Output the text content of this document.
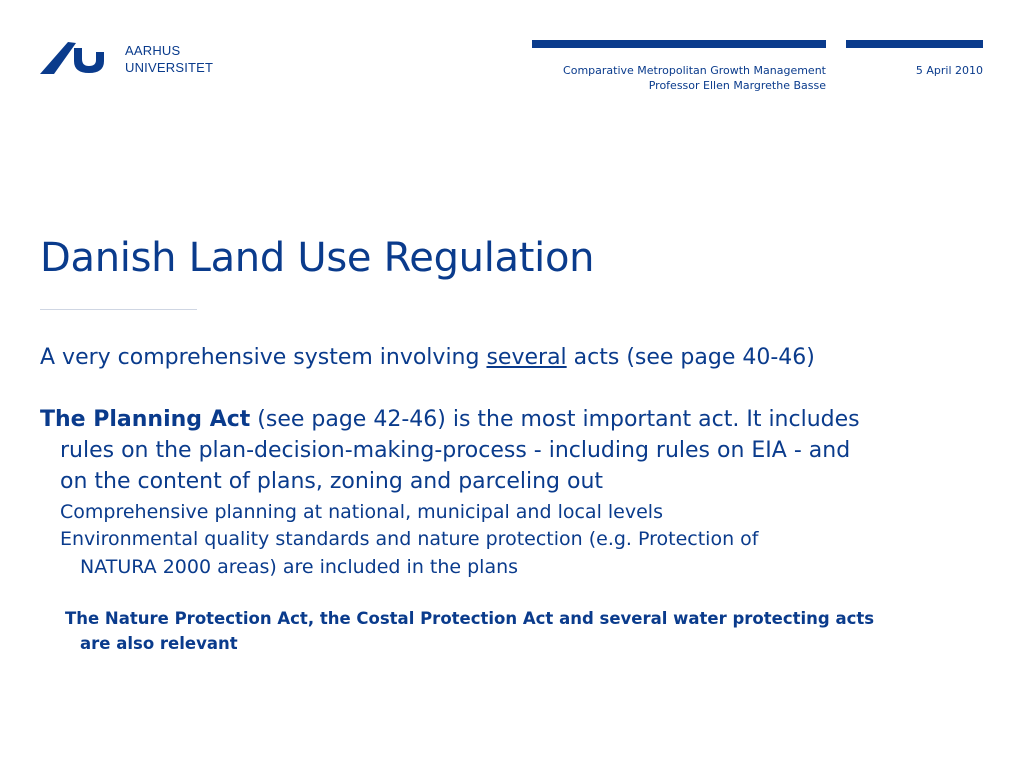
AARHUS
UNIVERSITET	Comparative Metropolitan Growth Management
Professor Ellen Margrethe Basse
5 April 2010
Danish Land Use Regulation
A very comprehensive system involving several acts (see page 40-46)
The Planning Act (see page 42-46) is the most important act. It includes
rules on the plan-decision-making-process - including rules on EIA - and
on the content of plans, zoning and parceling out
Comprehensive planning at national, municipal and local levels
Environmental quality standards and nature protection (e.g. Protection of
NATURA 2000 areas) are included in the plans
The Nature Protection Act, the Costal Protection Act and several water protecting acts
are also relevant
